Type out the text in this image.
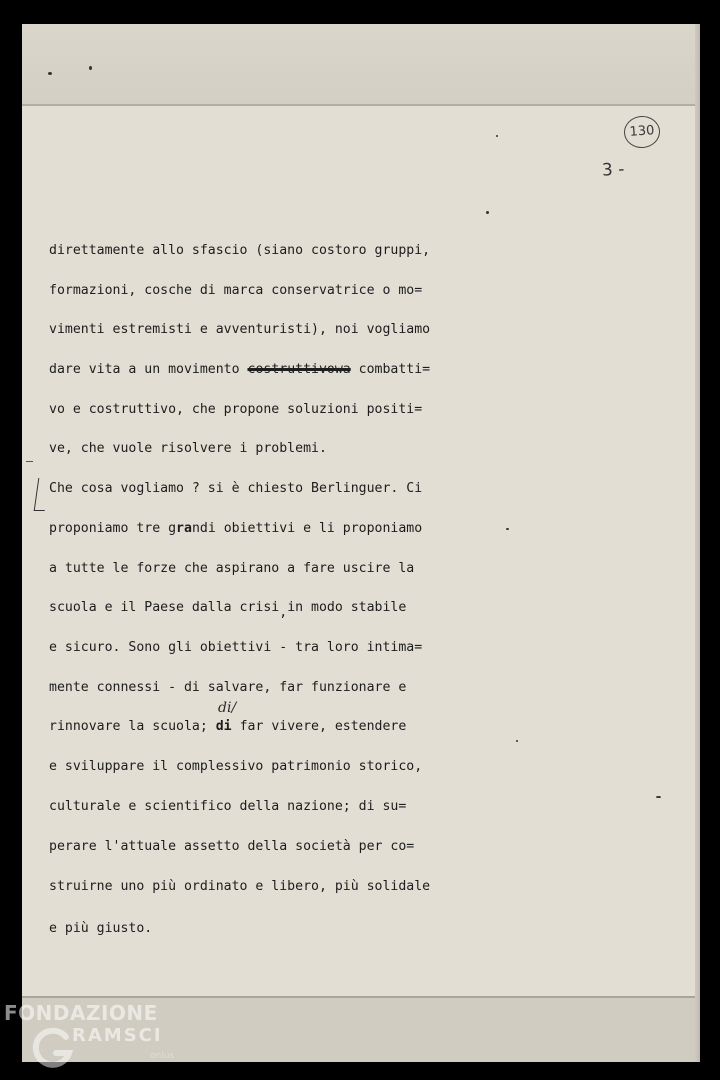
130
3 -
di/
direttamente allo sfascio (siano costoro gruppi,
formazioni, cosche di marca conservatrice o mo=
vimenti estremisti e avventuristi), noi vogliamo
dare vita a un movimento costruttivowa combatti=
vo e costruttivo, che propone soluzioni positi=
ve, che vuole risolvere i problemi.
Che cosa vogliamo ? si è chiesto Berlinguer. Ci
proponiamo tre grandi obiettivi e li proponiamo
a tutte le forze che aspirano a fare uscire la
scuola e il Paese dalla crisi,in modo stabile
e sicuro. Sono gli obiettivi - tra loro intima=
mente connessi - di salvare, far funzionare e
rinnovare la scuola; di far vivere, estendere
e sviluppare il complessivo patrimonio storico,
culturale e scientifico della nazione; di su=
perare l'attuale assetto della società per co=
struirne uno più ordinato e libero, più solidale
e più giusto.
FONDAZIONE
RAMSCI
onlus
